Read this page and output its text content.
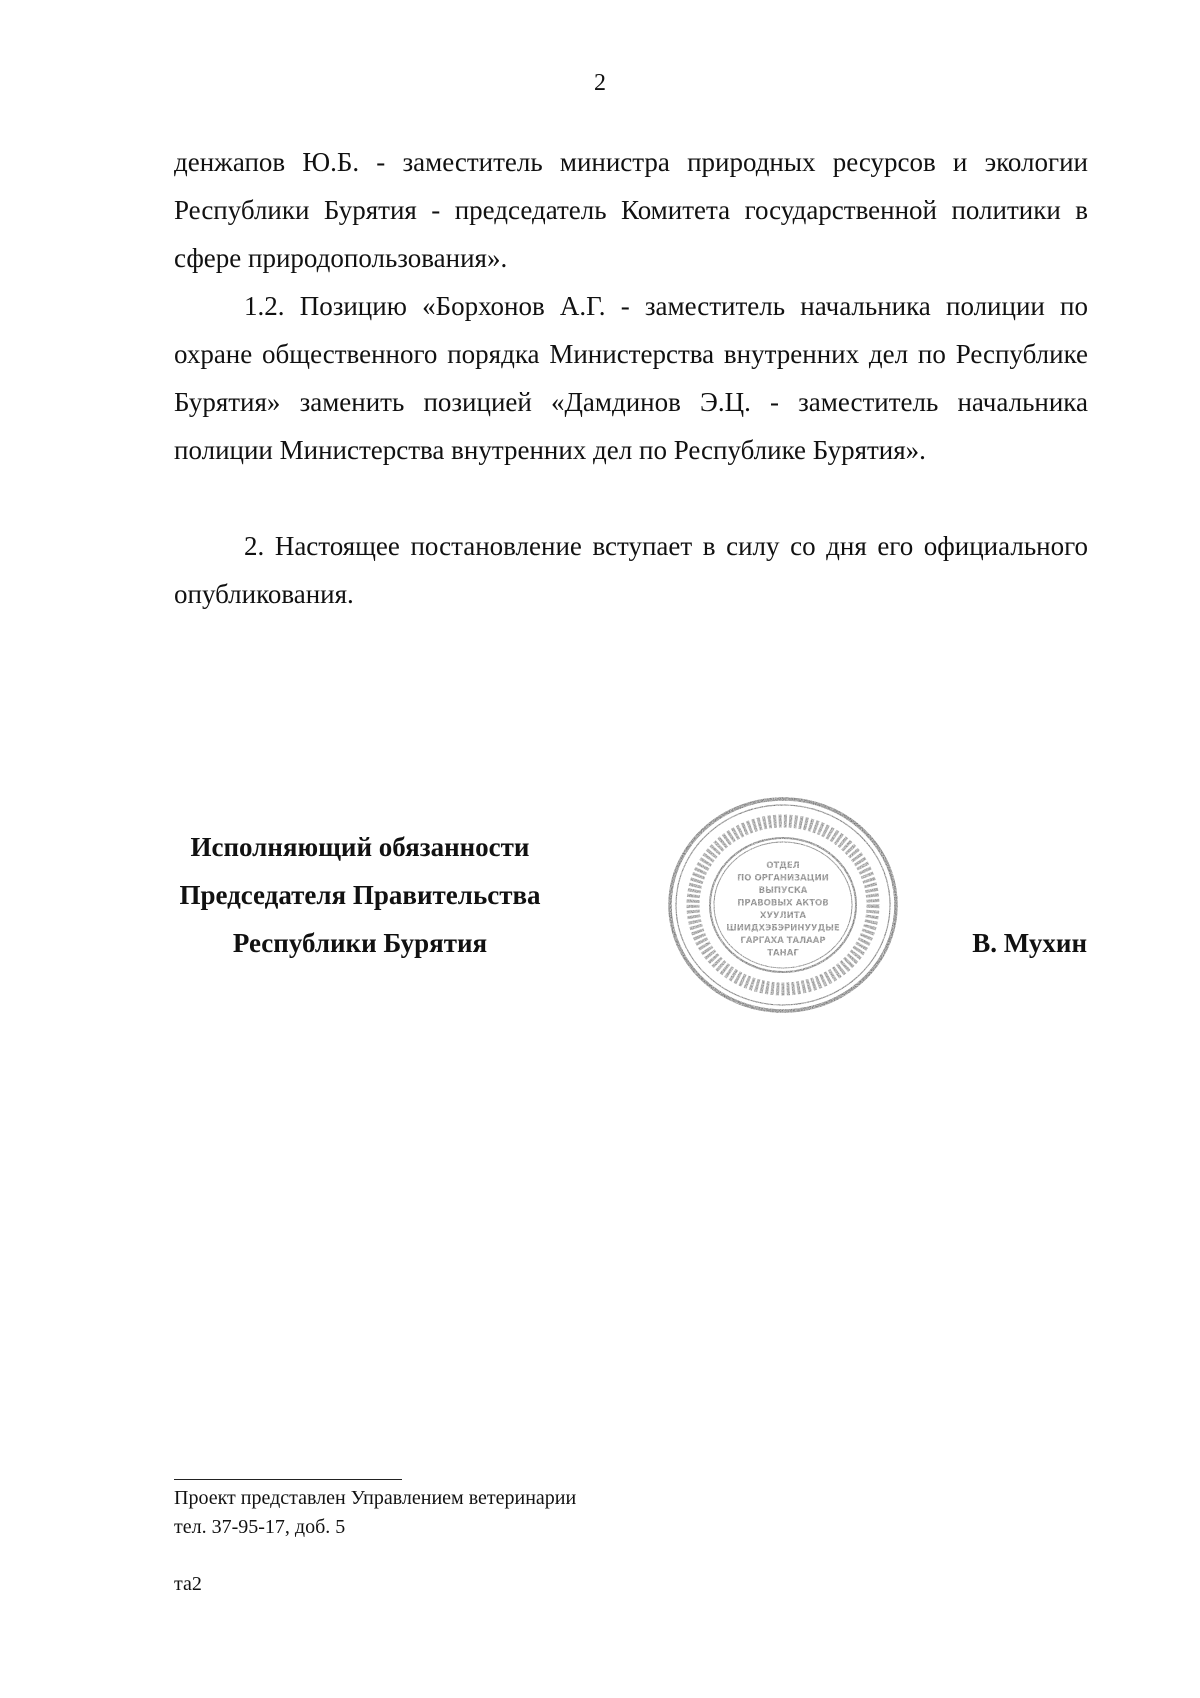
2

денжапов Ю.Б. - заместитель министра природных ресурсов и экологии Республики Бурятия - председатель Комитета государственной политики в сфере природопользования».

1.2. Позицию «Борхонов А.Г. - заместитель начальника полиции по охране общественного порядка Министерства внутренних дел по Республике Бурятия» заменить позицией «Дамдинов Э.Ц. - заместитель начальника полиции Министерства внутренних дел по Республике Бурятия».

2. Настоящее постановление вступает в силу со дня его официального опубликования.

Исполняющий обязанности
Председателя Правительства
Республики Бурятия
ОТДЕЛ
ПО ОРГАНИЗАЦИИ
ВЫПУСКА
ПРАВОВЫХ АКТОВ
ХУУЛИТА
ШИИДХЭБЭРИНУУДЫЕ
ГАРГАХА ТАЛААР
ТАНАГ	В. Мухин
Проект представлен Управлением ветеринарии
тел. 37-95-17, доб. 5
та2
